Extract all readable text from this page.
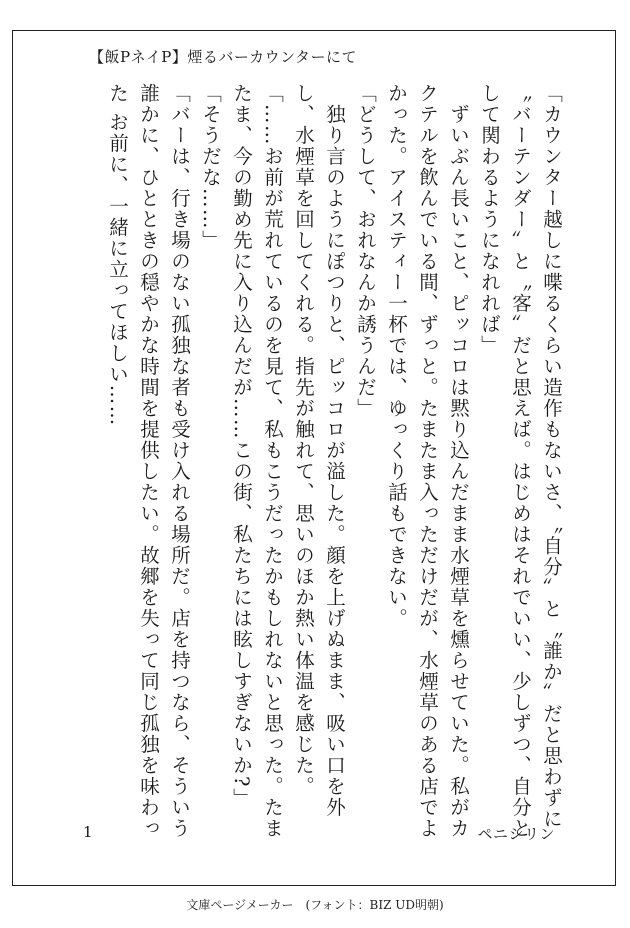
【飯PネイP】煙るバーカウンターにて

「カウンター越しに喋るくらい造作もないさ、〝自分〟と〝誰か〟だと思わずに〝バーテンダー〟と〝客〟だと思えば。はじめはそれでいい、少しずつ、自分として関わるようになれれば」

　ずいぶん長いこと、ピッコロは黙り込んだまま水煙草を燻らせていた。私がカクテルを飲んでいる間、ずっと。たまたま入っただけだが、水煙草のある店でよかった。アイスティー一杯では、ゆっくり話もできない。

「どうして、おれなんか誘うんだ」

　独り言のようにぽつりと、ピッコロが溢した。顔を上げぬまま、吸い口を外し、水煙草を回してくれる。指先が触れて、思いのほか熱い体温を感じた。

「……お前が荒れているのを見て、私もこうだったかもしれないと思った。たまたま、今の勤め先に入り込んだが……この街、私たちには眩しすぎないか?」

「そうだな……」

「バーは、行き場のない孤独な者も受け入れる場所だ。店を持つなら、そういう誰かに、ひとときの穏やかな時間を提供したい。故郷を失って同じ孤独を味わった お前に、一緒に立ってほしい……

1	ペニシリン
文庫ページメーカー　(フォント：BIZ UD明朝)
